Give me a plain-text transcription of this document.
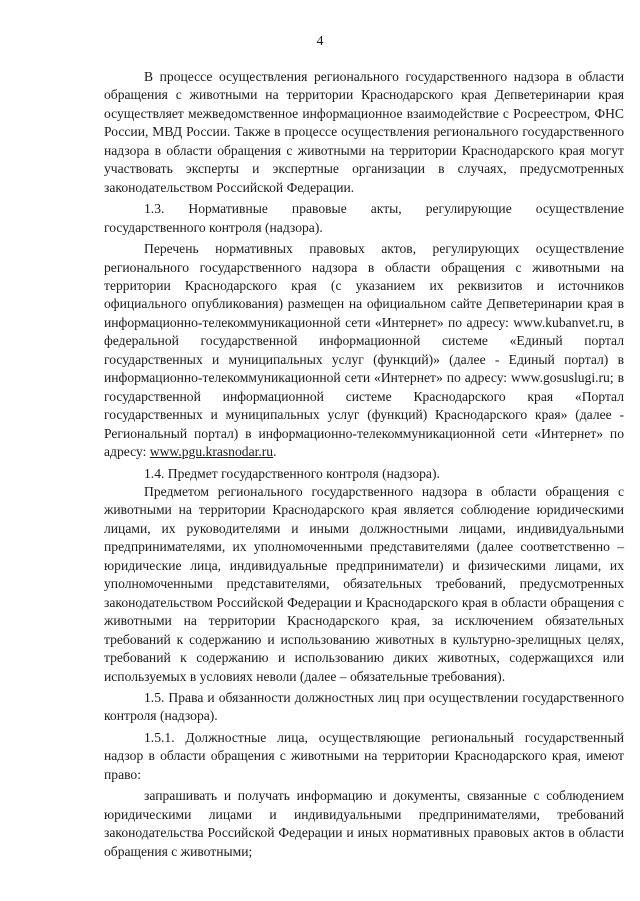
4

В процессе осуществления регионального государственного надзора в области обращения с животными на территории Краснодарского края Депветеринарии края осуществляет межведомственное информационное взаимодействие с Росреестром, ФНС России, МВД России. Также в процессе осуществления регионального государственного надзора в области обращения с животными на территории Краснодарского края могут участвовать эксперты и экспертные организации в случаях, предусмотренных законодательством Российской Федерации.

1.3. Нормативные правовые акты, регулирующие осуществление государственного контроля (надзора).

Перечень нормативных правовых актов, регулирующих осуществление регионального государственного надзора в области обращения с животными на территории Краснодарского края (с указанием их реквизитов и источников официального опубликования) размещен на официальном сайте Депветеринарии края в информационно-телекоммуникационной сети «Интернет» по адресу: www.kubanvet.ru, в федеральной государственной информационной системе «Единый портал государственных и муниципальных услуг (функций)» (далее - Единый портал) в информационно-телекоммуникационной сети «Интернет» по адресу: www.gosuslugi.ru; в государственной информационной системе Краснодарского края «Портал государственных и муниципальных услуг (функций) Краснодарского края» (далее - Региональный портал) в информационно-телекоммуникационной сети «Интернет» по адресу: www.pgu.krasnodar.ru.

1.4. Предмет государственного контроля (надзора).

Предметом регионального государственного надзора в области обращения с животными на территории Краснодарского края является соблюдение юридическими лицами, их руководителями и иными должностными лицами, индивидуальными предпринимателями, их уполномоченными представителями (далее соответственно – юридические лица, индивидуальные предприниматели) и физическими лицами, их уполномоченными представителями, обязательных требований, предусмотренных законодательством Российской Федерации и Краснодарского края в области обращения с животными на территории Краснодарского края, за исключением обязательных требований к содержанию и использованию животных в культурно-зрелищных целях, требований к содержанию и использованию диких животных, содержащихся или используемых в условиях неволи (далее – обязательные требования).

1.5. Права и обязанности должностных лиц при осуществлении государственного контроля (надзора).

1.5.1. Должностные лица, осуществляющие региональный государственный надзор в области обращения с животными на территории Краснодарского края, имеют право:

запрашивать и получать информацию и документы, связанные с соблюдением юридическими лицами и индивидуальными предпринимателями, требований законодательства Российской Федерации и иных нормативных правовых актов в области обращения с животными;
